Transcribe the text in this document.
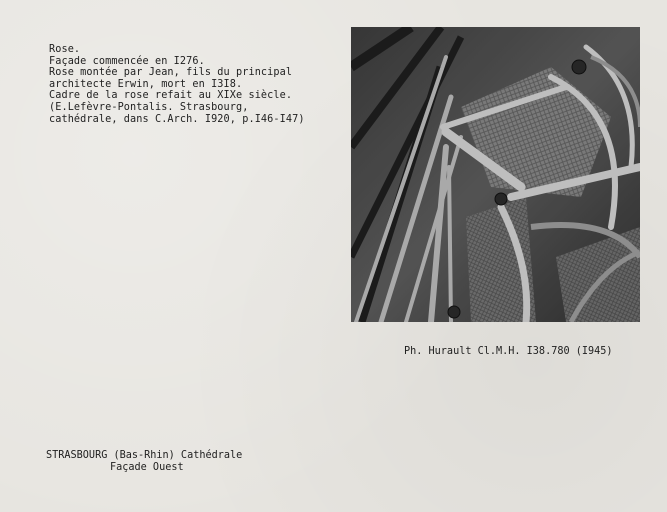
Rose.
Façade commencée en I276.
Rose montée par Jean, fils du principal
architecte Erwin, mort en I3I8.
Cadre de la rose refait au XIXe siècle.
(E.Lefèvre-Pontalis. Strasbourg,
cathédrale, dans C.Arch. I920, p.I46-I47)
Ph. Hurault Cl.M.H. I38.780 (I945)
STRASBOURG (Bas-Rhin) Cathédrale
Façade Ouest
